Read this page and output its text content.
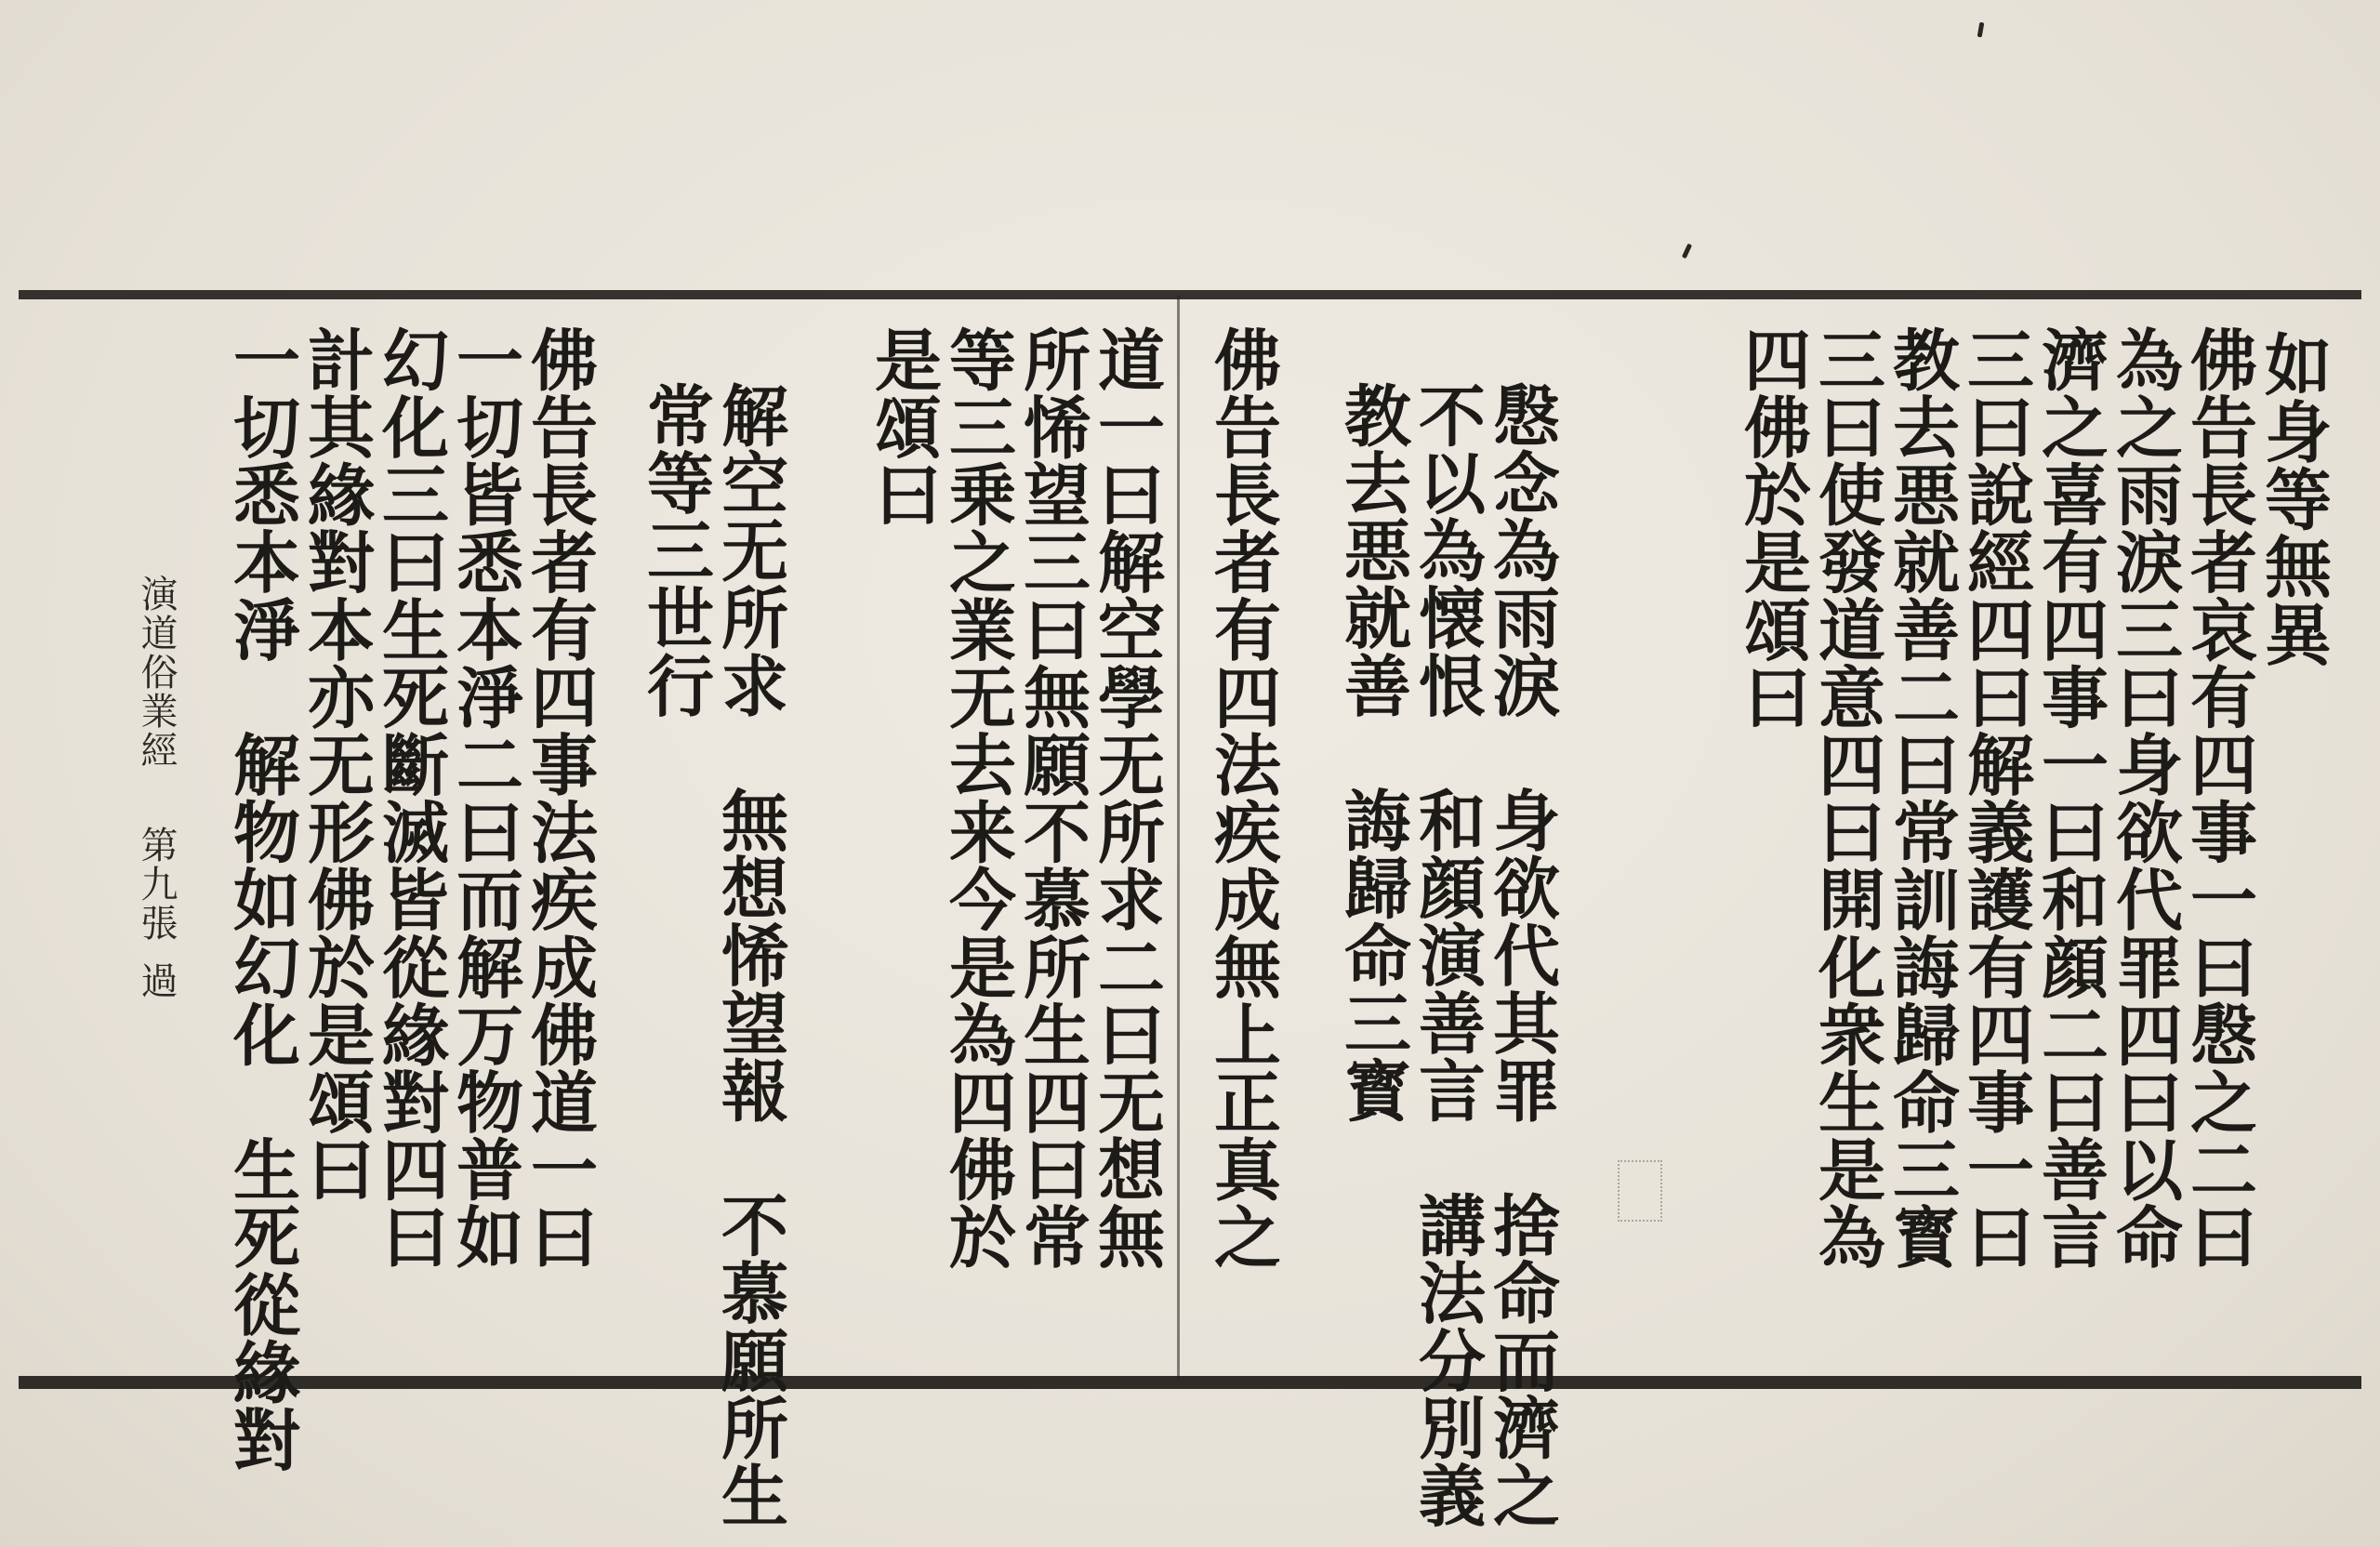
如身等無異
佛告長者哀有四事一曰慇之二曰
為之雨淚三曰身欲代罪四曰以命
濟之喜有四事一曰和顔二曰善言
三曰說經四曰解義護有四事一曰
教去悪就善二曰常訓誨歸命三寳
三曰使發道意四曰開化衆生是為
四佛於是頌曰
慇念為雨淚　身欲代其罪　捨命而濟之
不以為懐恨　和顔演善言　講法分別義
教去悪就善　誨歸命三寳
佛告長者有四法疾成無上正真之
道一曰解空學无所求二曰无想無
所悕望三曰無願不慕所生四曰常
等三乗之業无去来今是為四佛於
是頌曰
解空无所求　無想悕望報　不慕願所生
常等三世行
佛告長者有四事法疾成佛道一曰
一切皆悉本淨二曰而解万物普如
幻化三曰生死斷滅皆從緣對四曰
計其緣對本亦无形佛於是頌曰
一切悉本淨　解物如幻化　生死從緣對
演道俗業經第九張過
